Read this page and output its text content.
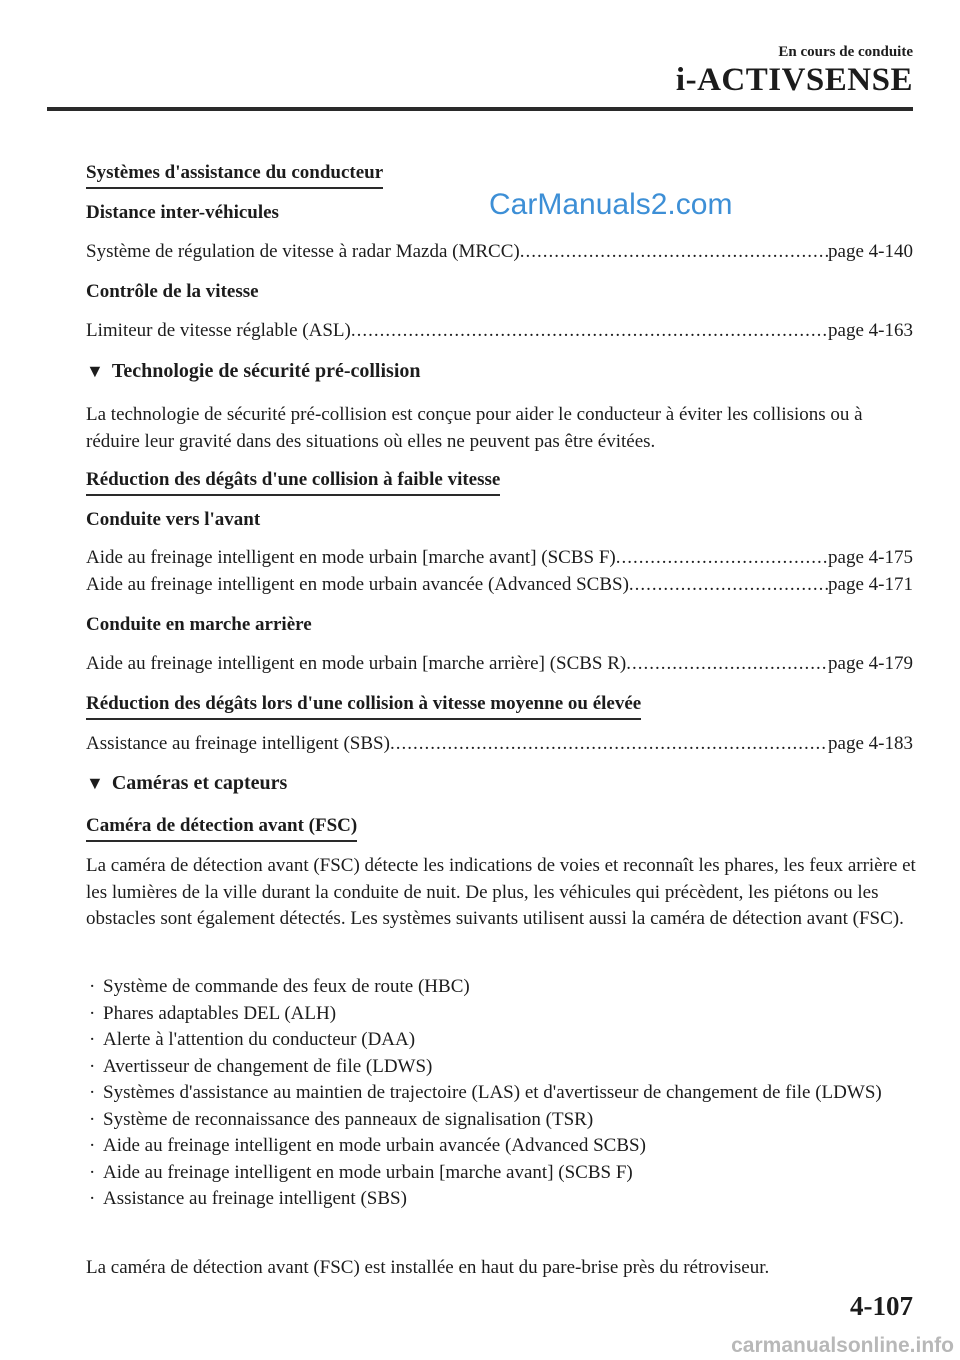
En cours de conduite
i-ACTIVSENSE
CarManuals2.com
Systèmes d'assistance du conducteur
Distance inter-véhicules
Système de régulation de vitesse à radar Mazda (MRCC) .....	page 4-140
Contrôle de la vitesse
Limiteur de vitesse réglable (ASL) .....	page 4-163
▼ Technologie de sécurité pré-collision
La technologie de sécurité pré-collision est conçue pour aider le conducteur à éviter les collisions ou à réduire leur gravité dans des situations où elles ne peuvent pas être évitées.
Réduction des dégâts d'une collision à faible vitesse
Conduite vers l'avant
Aide au freinage intelligent en mode urbain [marche avant] (SCBS F) .....	page 4-175
Aide au freinage intelligent en mode urbain avancée (Advanced SCBS) .....	page 4-171
Conduite en marche arrière
Aide au freinage intelligent en mode urbain [marche arrière] (SCBS R) .....	page 4-179
Réduction des dégâts lors d'une collision à vitesse moyenne ou élevée
Assistance au freinage intelligent (SBS) .....	page 4-183
▼ Caméras et capteurs
Caméra de détection avant (FSC)
La caméra de détection avant (FSC) détecte les indications de voies et reconnaît les phares, les feux arrière et les lumières de la ville durant la conduite de nuit. De plus, les véhicules qui précèdent, les piétons ou les obstacles sont également détectés. Les systèmes suivants utilisent aussi la caméra de détection avant (FSC).
· Système de commande des feux de route (HBC)
· Phares adaptables DEL (ALH)
· Alerte à l'attention du conducteur (DAA)
· Avertisseur de changement de file (LDWS)
· Systèmes d'assistance au maintien de trajectoire (LAS) et d'avertisseur de changement de file (LDWS)
· Système de reconnaissance des panneaux de signalisation (TSR)
· Aide au freinage intelligent en mode urbain avancée (Advanced SCBS)
· Aide au freinage intelligent en mode urbain [marche avant] (SCBS F)
· Assistance au freinage intelligent (SBS)
La caméra de détection avant (FSC) est installée en haut du pare-brise près du rétroviseur.
4-107
carmanualsonline.info
